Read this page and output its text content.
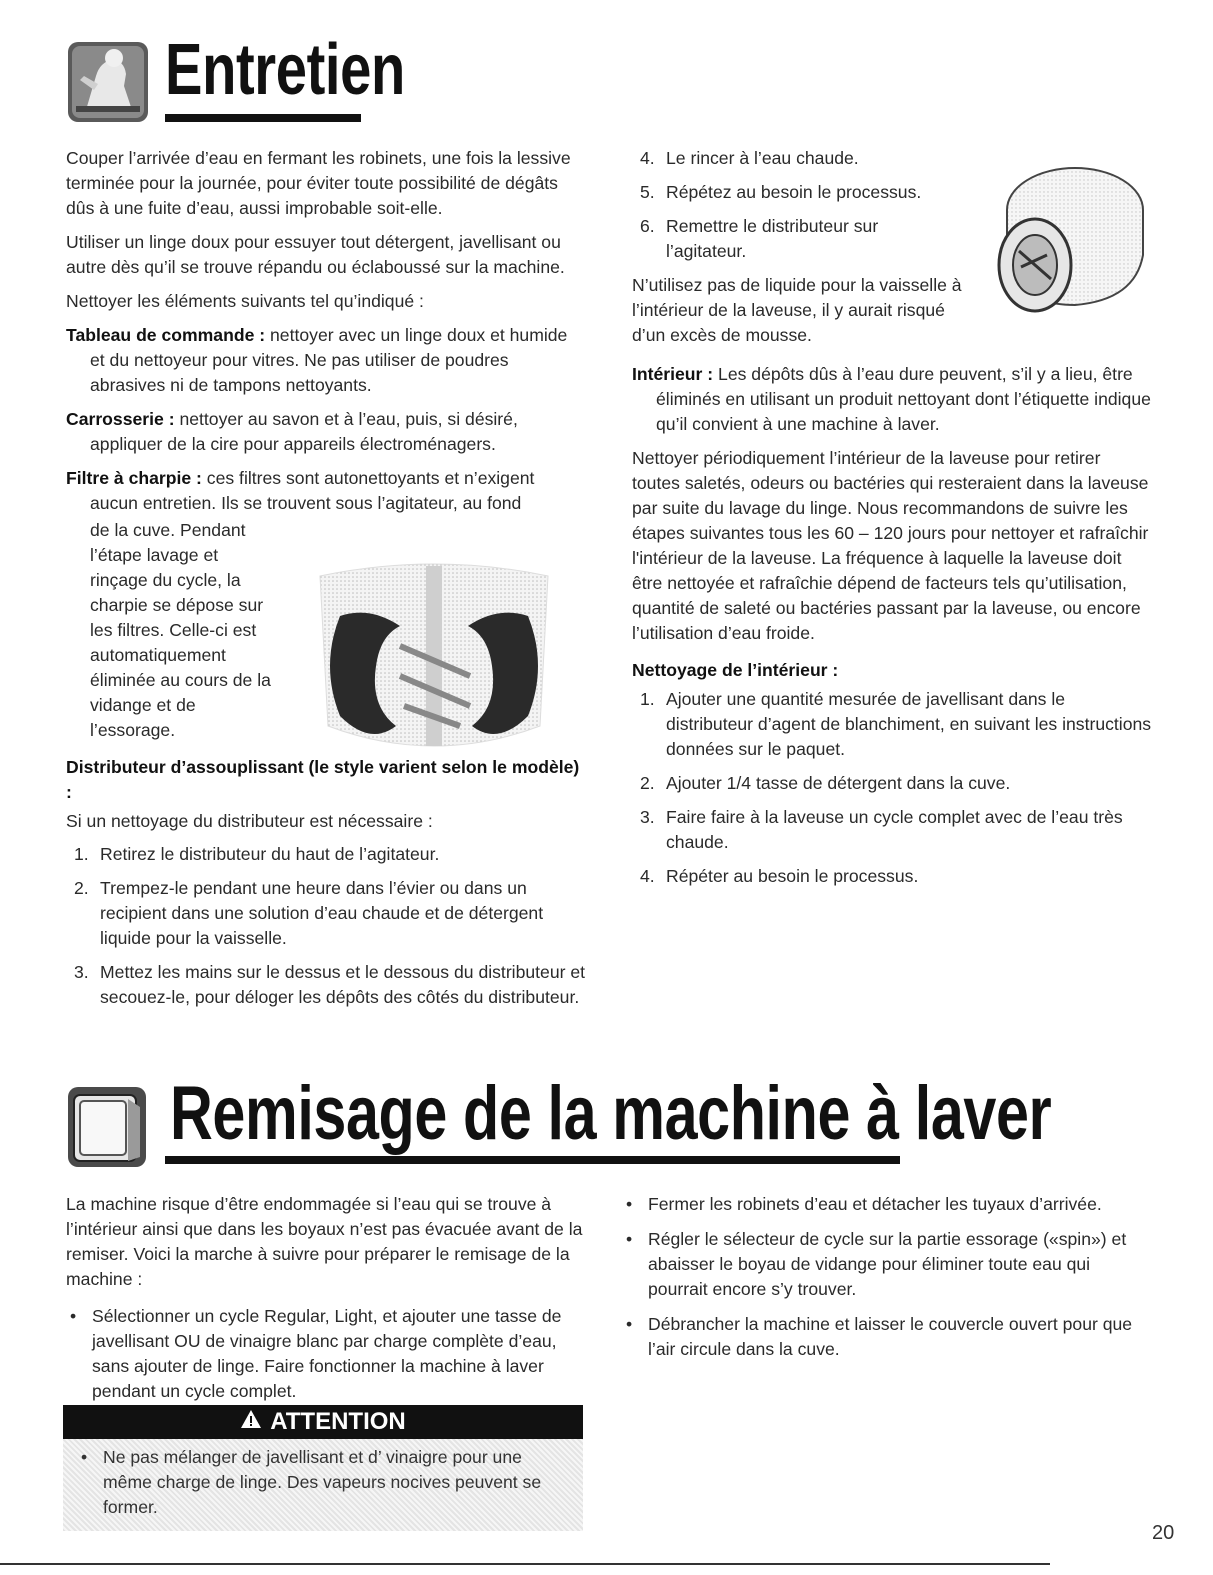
Entretien

Couper l’arrivée d’eau en fermant les robinets, une fois la lessive terminée pour la journée, pour éviter toute possibilité de dégâts dûs à une fuite d’eau, aussi improbable soit-elle.

Utiliser un linge doux pour essuyer tout détergent, javellisant ou autre dès qu’il se trouve répandu ou éclaboussé sur la machine.

Nettoyer les éléments suivants tel qu’indiqué :

Tableau de commande : nettoyer avec un linge doux et humide et du nettoyeur pour vitres. Ne pas utiliser de poudres abrasives ni de tampons nettoyants.
Carrosserie : nettoyer au savon et à l’eau, puis, si désiré, appliquer de la cire pour appareils électroménagers.
Filtre à charpie : ces filtres sont autonettoyants et n’exigent aucun entretien. Ils se trouvent sous l’agitateur, au fond
de la cuve. Pendant
l’étape lavage et
rinçage du cycle, la
charpie se dépose sur
les filtres. Celle-ci est
automatiquement
éliminée au cours de la
vidange et de
l’essorage.
Distributeur d’assouplissant (le style varient selon le modèle) :

Si un nettoyage du distributeur est nécessaire :

1. Retirez le distributeur du haut de l’agitateur.
2. Trempez-le pendant une heure dans l’évier ou dans un recipient dans une solution d’eau chaude et de détergent liquide pour la vaisselle.
3. Mettez les mains sur le dessus et le dessous du distributeur et secouez-le, pour déloger les dépôts des côtés du distributeur.
4. Le rincer à l’eau chaude.
5. Répétez au besoin le processus.
6. Remettre le distributeur sur l’agitateur.

N’utilisez pas de liquide pour la vaisselle à l’intérieur de la laveuse, il y aurait risqué d’un excès de mousse.

Intérieur : Les dépôts dûs à l’eau dure peuvent, s’il y a lieu, être éliminés en utilisant un produit nettoyant dont l’étiquette indique qu’il convient à une machine à laver.

Nettoyer périodiquement l’intérieur de la laveuse pour retirer toutes saletés, odeurs ou bactéries qui resteraient dans la laveuse par suite du lavage du linge. Nous recommandons de suivre les étapes suivantes tous les 60 – 120 jours pour nettoyer et rafraîchir l'intérieur de la laveuse. La fréquence à laquelle la laveuse doit être nettoyée et rafraîchie dépend de facteurs tels qu’utilisation, quantité de saleté ou bactéries passant par la laveuse, ou encore l’utilisation d’eau froide.

Nettoyage de l’intérieur :
1. Ajouter une quantité mesurée de javellisant dans le distributeur d’agent de blanchiment, en suivant les instructions données sur le paquet.
2. Ajouter 1/4 tasse de détergent dans la cuve.
3. Faire faire à la laveuse un cycle complet avec de l’eau très chaude.
4. Répéter au besoin le processus.
Remisage de la machine à laver

La machine risque d’être endommagée si l’eau qui se trouve à l’intérieur ainsi que dans les boyaux n’est pas évacuée avant de la remiser. Voici la marche à suivre pour préparer le remisage de la machine :

• Sélectionner un cycle Regular, Light, et ajouter une tasse de javellisant OU de vinaigre blanc par charge complète d’eau, sans ajouter de linge. Faire fonctionner la machine à laver pendant un cycle complet.
• Fermer les robinets d’eau et détacher les tuyaux d’arrivée.
• Régler le sélecteur de cycle sur la partie essorage («spin») et abaisser le boyau de vidange pour éliminer toute eau qui pourrait encore s’y trouver.
• Débrancher la machine et laisser le couvercle ouvert pour que l’air circule dans la cuve.
ATTENTION
• Ne pas mélanger de javellisant et d’ vinaigre pour une même charge de linge. Des vapeurs nocives peuvent se former.
20
